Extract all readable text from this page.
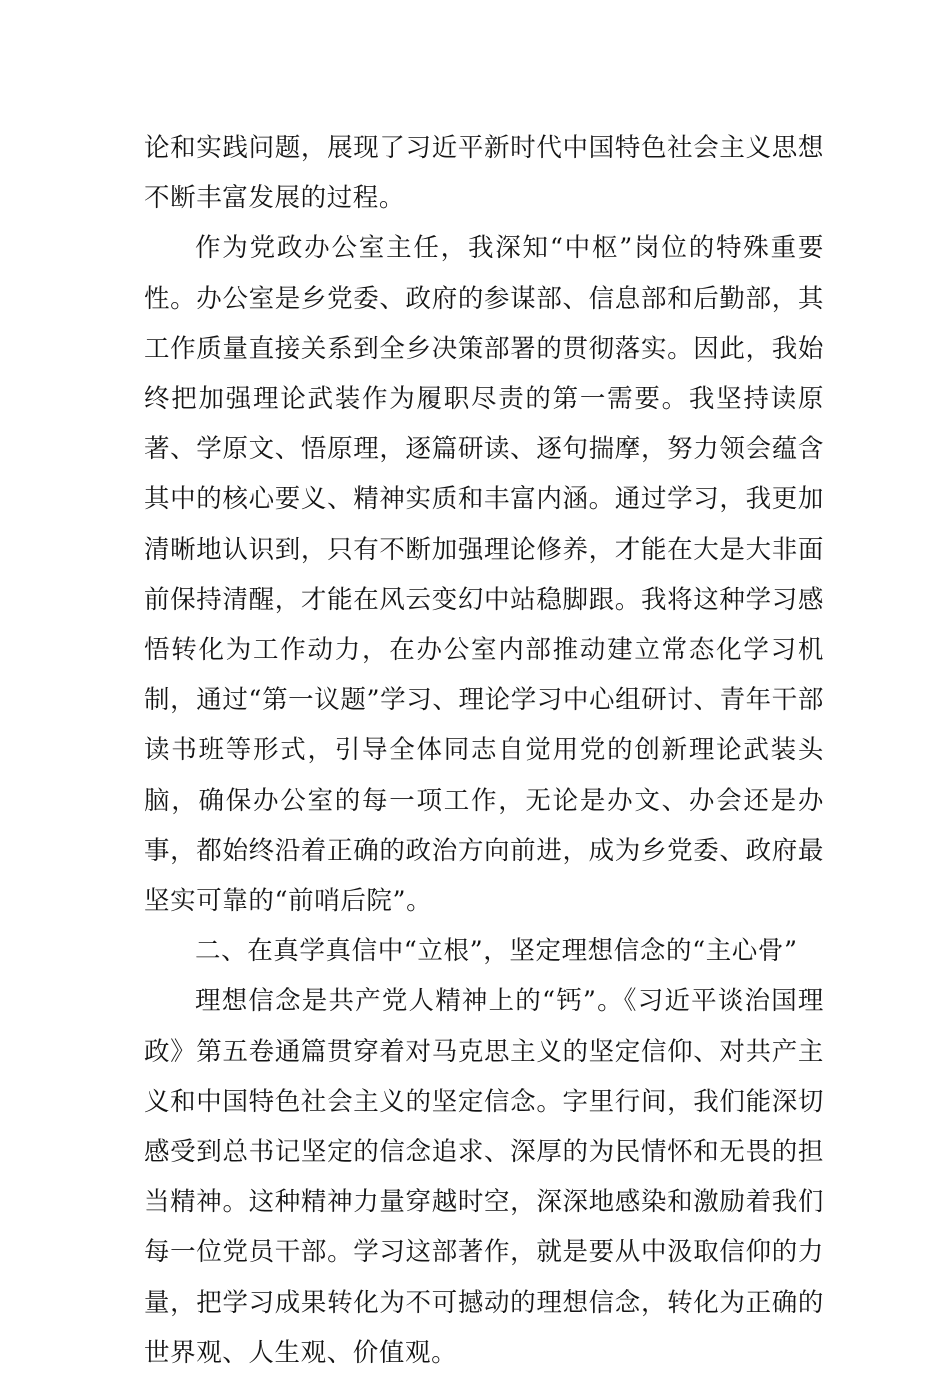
论和实践问题，展现了习近平新时代中国特色社会主义思想不断丰富发展的过程。

作为党政办公室主任，我深知“中枢”岗位的特殊重要性。办公室是乡党委、政府的参谋部、信息部和后勤部，其工作质量直接关系到全乡决策部署的贯彻落实。因此，我始终把加强理论武装作为履职尽责的第一需要。我坚持读原著、学原文、悟原理，逐篇研读、逐句揣摩，努力领会蕴含其中的核心要义、精神实质和丰富内涵。通过学习，我更加清晰地认识到，只有不断加强理论修养，才能在大是大非面前保持清醒，才能在风云变幻中站稳脚跟。我将这种学习感悟转化为工作动力，在办公室内部推动建立常态化学习机制，通过“第一议题”学习、理论学习中心组研讨、青年干部读书班等形式，引导全体同志自觉用党的创新理论武装头脑，确保办公室的每一项工作，无论是办文、办会还是办事，都始终沿着正确的政治方向前进，成为乡党委、政府最坚实可靠的“前哨后院”。

二、在真学真信中“立根”，坚定理想信念的“主心骨”

理想信念是共产党人精神上的“钙”。《习近平谈治国理政》第五卷通篇贯穿着对马克思主义的坚定信仰、对共产主义和中国特色社会主义的坚定信念。字里行间，我们能深切感受到总书记坚定的信念追求、深厚的为民情怀和无畏的担当精神。这种精神力量穿越时空，深深地感染和激励着我们每一位党员干部。学习这部著作，就是要从中汲取信仰的力量，把学习成果转化为不可撼动的理想信念，转化为正确的世界观、人生观、价值观。
